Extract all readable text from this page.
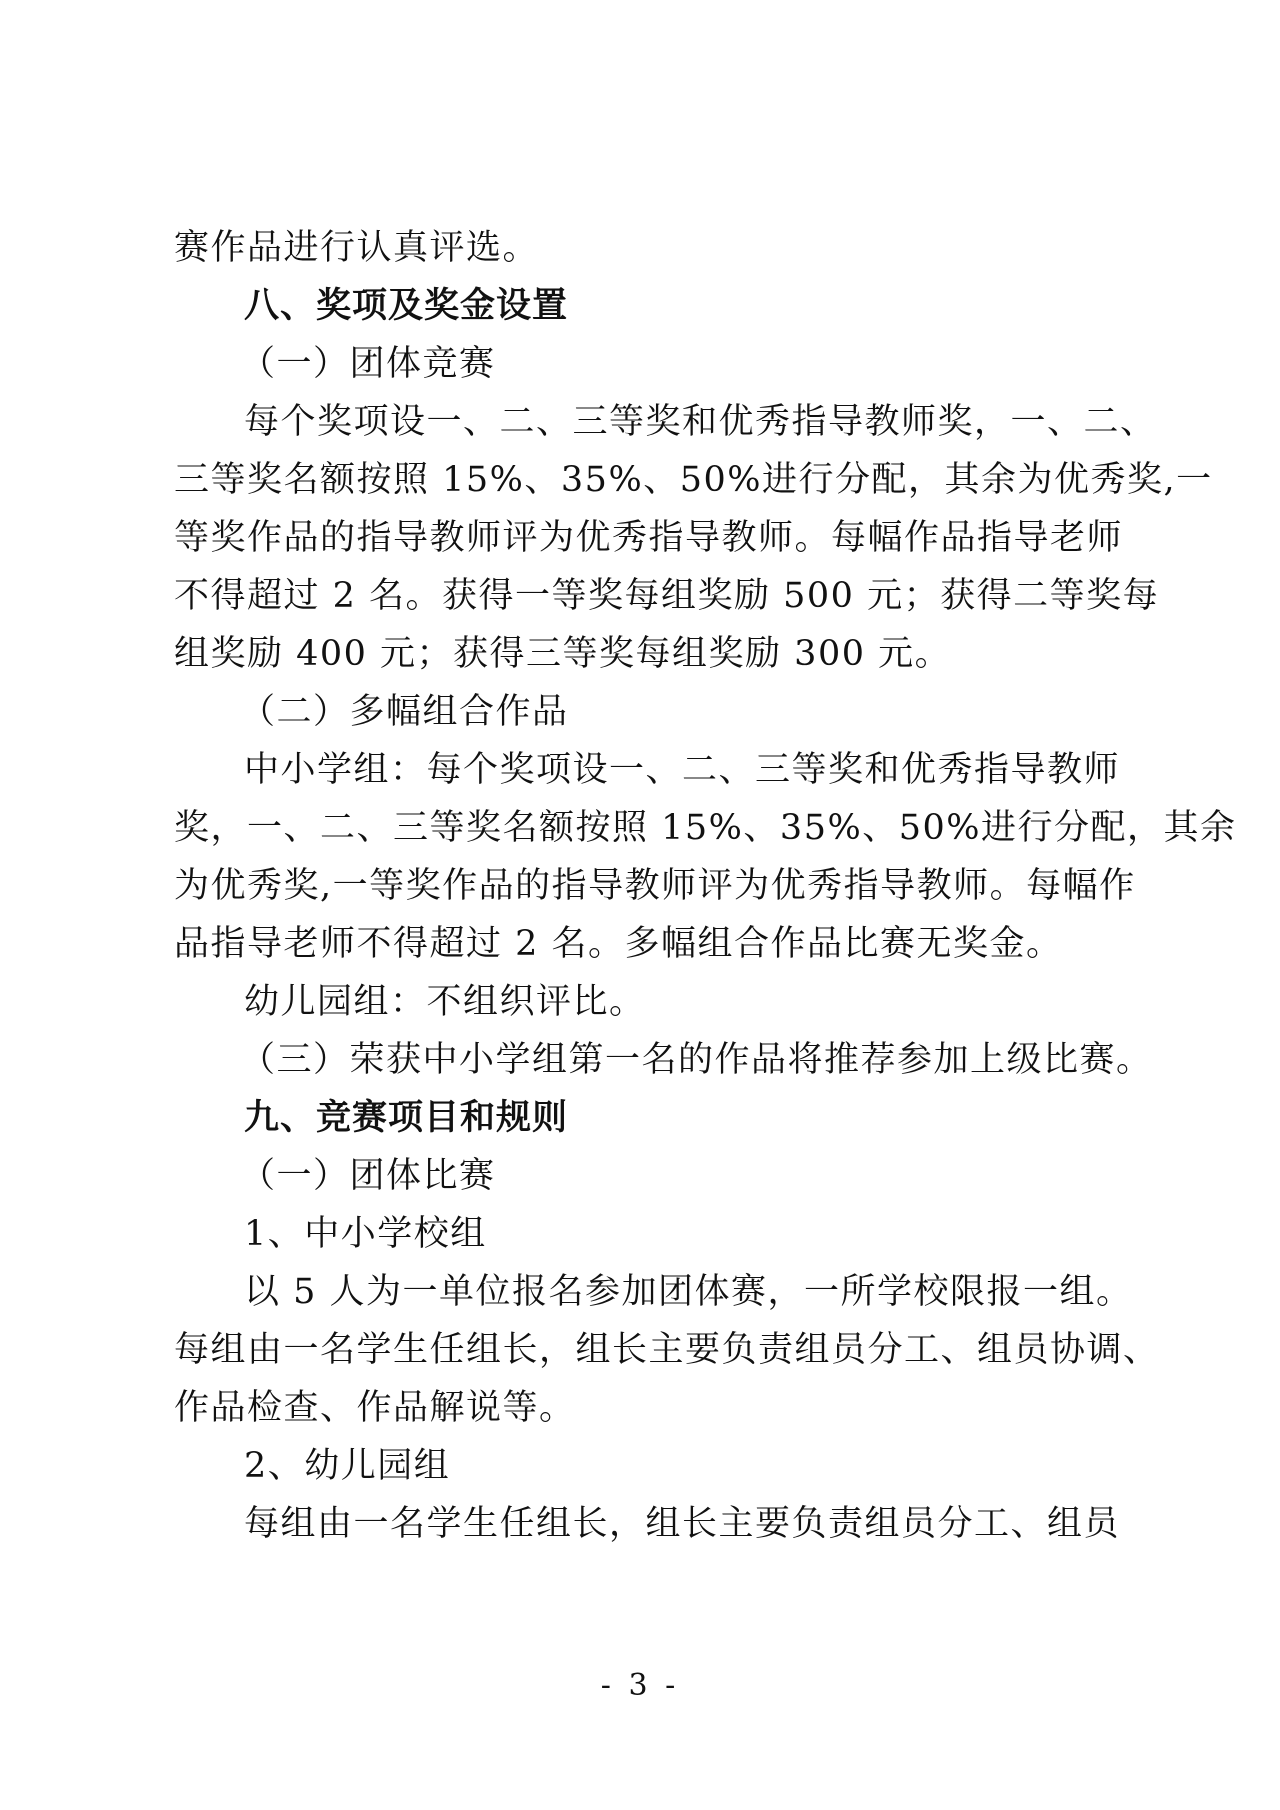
赛作品进行认真评选。
八、奖项及奖金设置
（一）团体竞赛
每个奖项设一、二、三等奖和优秀指导教师奖，一、二、
三等奖名额按照 15%、35%、50%进行分配，其余为优秀奖,一
等奖作品的指导教师评为优秀指导教师。每幅作品指导老师
不得超过 2 名。获得一等奖每组奖励 500 元；获得二等奖每
组奖励 400 元；获得三等奖每组奖励 300 元。
（二）多幅组合作品
中小学组：每个奖项设一、二、三等奖和优秀指导教师
奖，一、二、三等奖名额按照 15%、35%、50%进行分配，其余
为优秀奖,一等奖作品的指导教师评为优秀指导教师。每幅作
品指导老师不得超过 2 名。多幅组合作品比赛无奖金。
幼儿园组：不组织评比。
（三）荣获中小学组第一名的作品将推荐参加上级比赛。
九、竞赛项目和规则
（一）团体比赛
1、中小学校组
以 5 人为一单位报名参加团体赛，一所学校限报一组。
每组由一名学生任组长，组长主要负责组员分工、组员协调、
作品检查、作品解说等。
2、幼儿园组
每组由一名学生任组长，组长主要负责组员分工、组员
- 3 -
